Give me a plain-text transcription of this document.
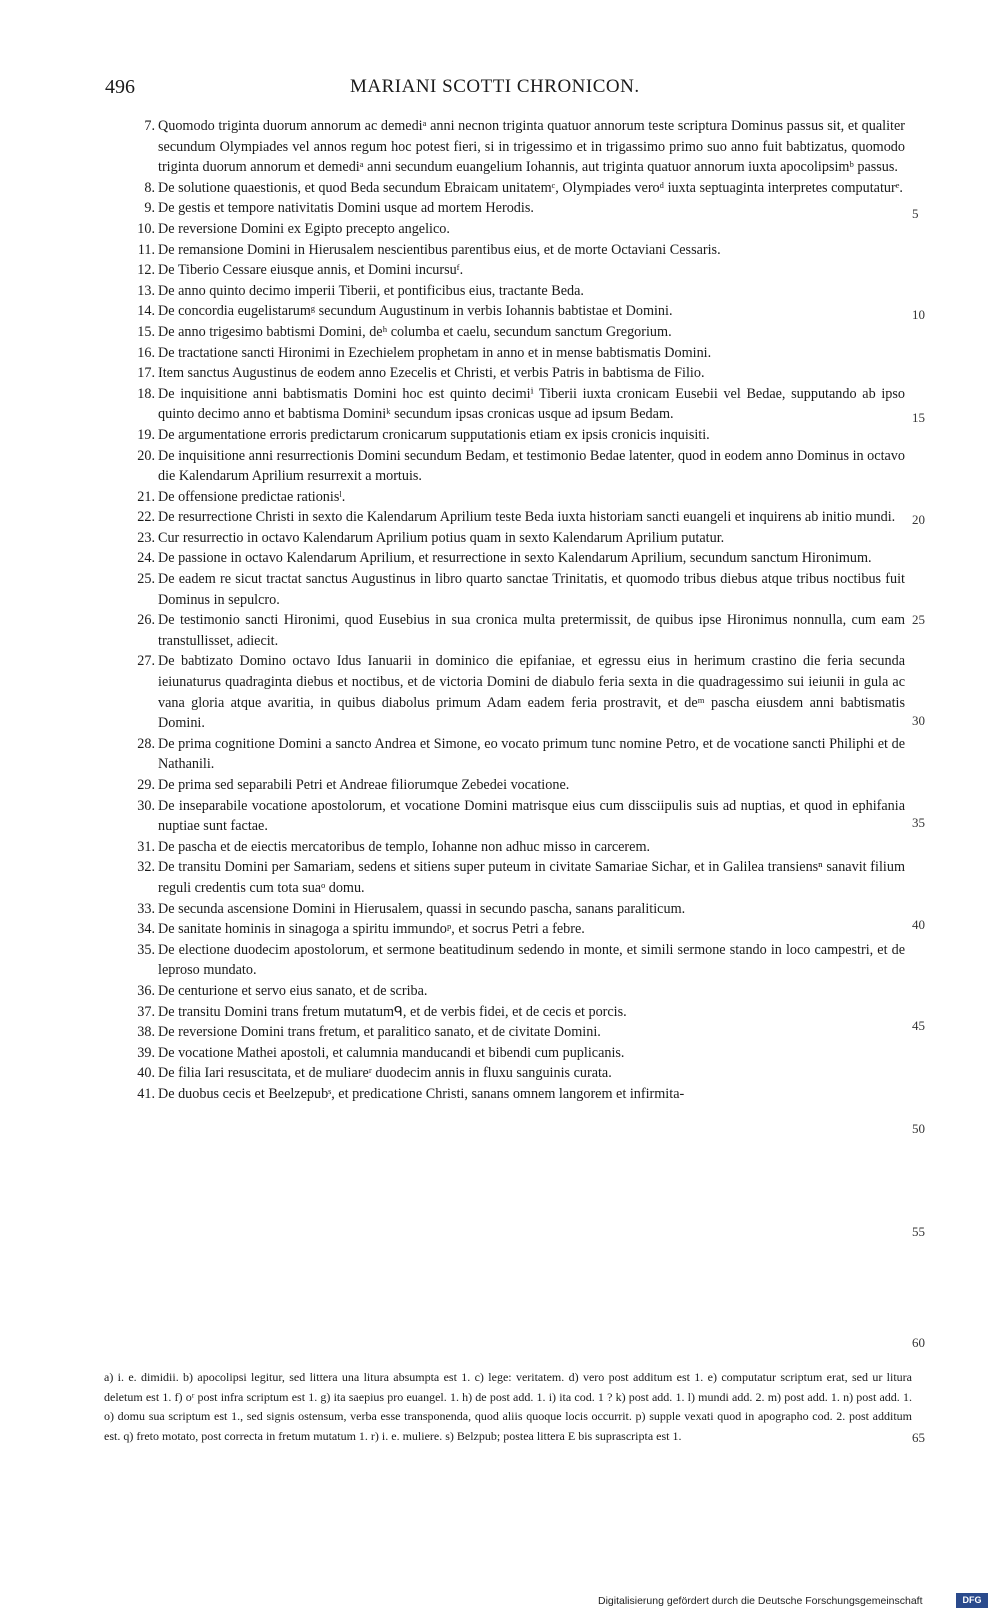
496	MARIANI SCOTTI CHRONICON.
7. Quomodo triginta duorum annorum ac demediᵃ anni necnon triginta quatuor annorum teste scriptura Dominus passus sit, et qualiter secundum Olympiades vel annos regum hoc potest fieri, si in trigessimo et in trigassimo primo suo anno fuit babtizatus, quomodo triginta duorum annorum et demediᵃ anni secundum euangelium Iohannis, aut triginta quatuor annorum iuxta apocolipsimᵇ passus.
8. De solutione quaestionis, et quod Beda secundum Ebraicam unitatemᶜ, Olympiades veroᵈ iuxta septuaginta interpretes computaturᵉ.
9. De gestis et tempore nativitatis Domini usque ad mortem Herodis.
10. De reversione Domini ex Egipto precepto angelico.
11. De remansione Domini in Hierusalem nescientibus parentibus eius, et de morte Octaviani Cessaris.
12. De Tiberio Cessare eiusque annis, et Domini incursuᶠ.
13. De anno quinto decimo imperii Tiberii, et pontificibus eius, tractante Beda.
14. De concordia eugelistarumᵍ secundum Augustinum in verbis Iohannis babtistae et Domini.
15. De anno trigesimo babtismi Domini, deʰ columba et caelu, secundum sanctum Gregorium.
16. De tractatione sancti Hironimi in Ezechielem prophetam in anno et in mense babtismatis Domini.
17. Item sanctus Augustinus de eodem anno Ezecelis et Christi, et verbis Patris in babtisma de Filio.
18. De inquisitione anni babtismatis Domini hoc est quinto decimiⁱ Tiberii iuxta cronicam Eusebii vel Bedae, supputando ab ipso quinto decimo anno et babtisma Dominiᵏ secundum ipsas cronicas usque ad ipsum Bedam.
19. De argumentatione erroris predictarum cronicarum supputationis etiam ex ipsis cronicis inquisiti.
20. De inquisitione anni resurrectionis Domini secundum Bedam, et testimonio Bedae latenter, quod in eodem anno Dominus in octavo die Kalendarum Aprilium resurrexit a mortuis.
21. De offensione predictae rationisˡ.
22. De resurrectione Christi in sexto die Kalendarum Aprilium teste Beda iuxta historiam sancti euangeli et inquirens ab initio mundi.
23. Cur resurrectio in octavo Kalendarum Aprilium potius quam in sexto Kalendarum Aprilium putatur.
24. De passione in octavo Kalendarum Aprilium, et resurrectione in sexto Kalendarum Aprilium, secundum sanctum Hironimum.
25. De eadem re sicut tractat sanctus Augustinus in libro quarto sanctae Trinitatis, et quomodo tribus diebus atque tribus noctibus fuit Dominus in sepulcro.
26. De testimonio sancti Hironimi, quod Eusebius in sua cronica multa pretermissit, de quibus ipse Hironimus nonnulla, cum eam transtullisset, adiecit.
27. De babtizato Domino octavo Idus Ianuarii in dominico die epifaniae, et egressu eius in herimum crastino die feria secunda ieiunaturus quadraginta diebus et noctibus, et de victoria Domini de diabulo feria sexta in die quadragessimo sui ieiunii in gula ac vana gloria atque avaritia, in quibus diabolus primum Adam eadem feria prostravit, et deᵐ pascha eiusdem anni babtismatis Domini.
28. De prima cognitione Domini a sancto Andrea et Simone, eo vocato primum tunc nomine Petro, et de vocatione sancti Philiphi et de Nathanili.
29. De prima sed separabili Petri et Andreae filiorumque Zebedei vocatione.
30. De inseparabile vocatione apostolorum, et vocatione Domini matrisque eius cum dissciipulis suis ad nuptias, et quod in ephifania nuptiae sunt factae.
31. De pascha et de eiectis mercatoribus de templo, Iohanne non adhuc misso in carcerem.
32. De transitu Domini per Samariam, sedens et sitiens super puteum in civitate Samariae Sichar, et in Galilea transiensⁿ sanavit filium reguli credentis cum tota suaᵒ domu.
33. De secunda ascensione Domini in Hierusalem, quassi in secundo pascha, sanans paraliticum.
34. De sanitate hominis in sinagoga a spiritu immundoᵖ, et socrus Petri a febre.
35. De electione duodecim apostolorum, et sermone beatitudinum sedendo in monte, et simili sermone stando in loco campestri, et de leproso mundato.
36. De centurione et servo eius sanato, et de scriba.
37. De transitu Domini trans fretum mutatumᑫ, et de verbis fidei, et de cecis et porcis.
38. De reversione Domini trans fretum, et paralitico sanato, et de civitate Domini.
39. De vocatione Mathei apostoli, et calumnia manducandi et bibendi cum puplicanis.
40. De filia Iari resuscitata, et de muliareʳ duodecim annis in fluxu sanguinis curata.
41. De duobus cecis et Beelzepubˢ, et predicatione Christi, sanans omnem langorem et infirmita-
5
10
15
20
25
30
35
40
45
50
55
60
65
a) i. e. dimidii. b) apocolipsi legitur, sed littera una litura absumpta est 1. c) lege: veritatem. d) vero post additum est 1. e) computatur scriptum erat, sed ur litura deletum est 1. f) oʳ post infra scriptum est 1. g) ita saepius pro euangel. 1. h) de post add. 1. i) ita cod. 1 ? k) post add. 1. l) mundi add. 2. m) post add. 1. n) post add. 1. o) domu sua scriptum est 1., sed signis ostensum, verba esse transponenda, quod aliis quoque locis occurrit. p) supple vexati quod in apographo cod. 2. post additum est. q) freto motato, post correcta in fretum mutatum 1. r) i. e. muliere. s) Belzpub; postea littera E bis suprascripta est 1.
Digitalisierung gefördert durch die Deutsche Forschungsgemeinschaft	DFG
